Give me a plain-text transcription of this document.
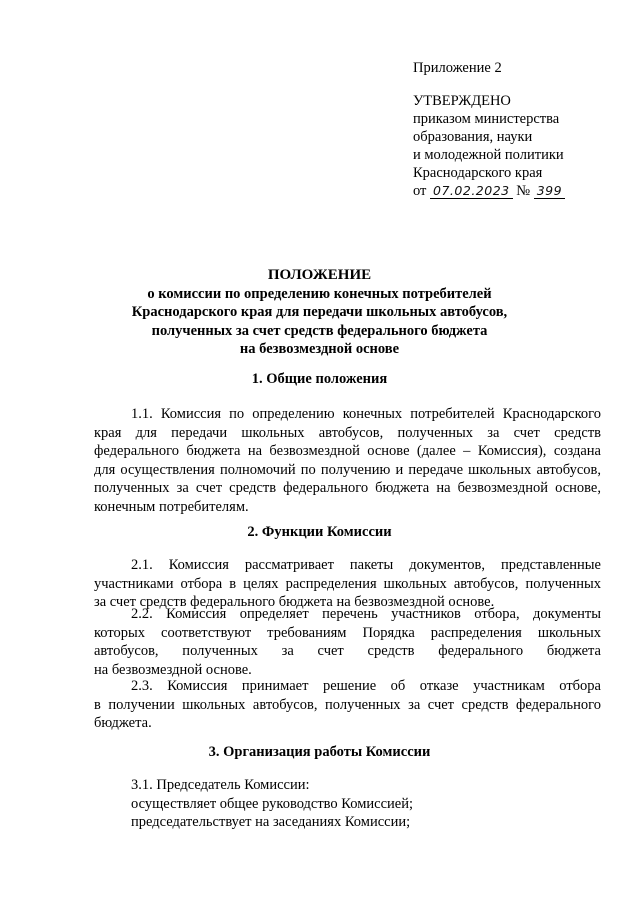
Приложение 2
УТВЕРЖДЕНО
приказом министерства
образования, науки
и молодежной политики
Краснодарского края
от 07.02.2023 № 399
ПОЛОЖЕНИЕ
о комиссии по определению конечных потребителей
Краснодарского края для передачи школьных автобусов,
полученных за счет средств федерального бюджета
на безвозмездной основе
1. Общие положения
1.1. Комиссия по определению конечных потребителей Краснодарского
края для передачи школьных автобусов, полученных за счет средств
федерального бюджета на безвозмездной основе (далее – Комиссия), создана
для осуществления полномочий по получению и передаче школьных автобусов,
полученных за счет средств федерального бюджета на безвозмездной основе,
конечным потребителям.
2. Функции Комиссии
2.1. Комиссия рассматривает пакеты документов, представленные
участниками отбора в целях распределения школьных автобусов, полученных
за счет средств федерального бюджета на безвозмездной основе.
2.2. Комиссия определяет перечень участников отбора, документы
которых соответствуют требованиям Порядка распределения школьных
автобусов, полученных за счет средств федерального бюджета
на безвозмездной основе.
2.3. Комиссия принимает решение об отказе участникам отбора
в получении школьных автобусов, полученных за счет средств федерального
бюджета.
3. Организация работы Комиссии
3.1. Председатель Комиссии:
осуществляет общее руководство Комиссией;
председательствует на заседаниях Комиссии;
